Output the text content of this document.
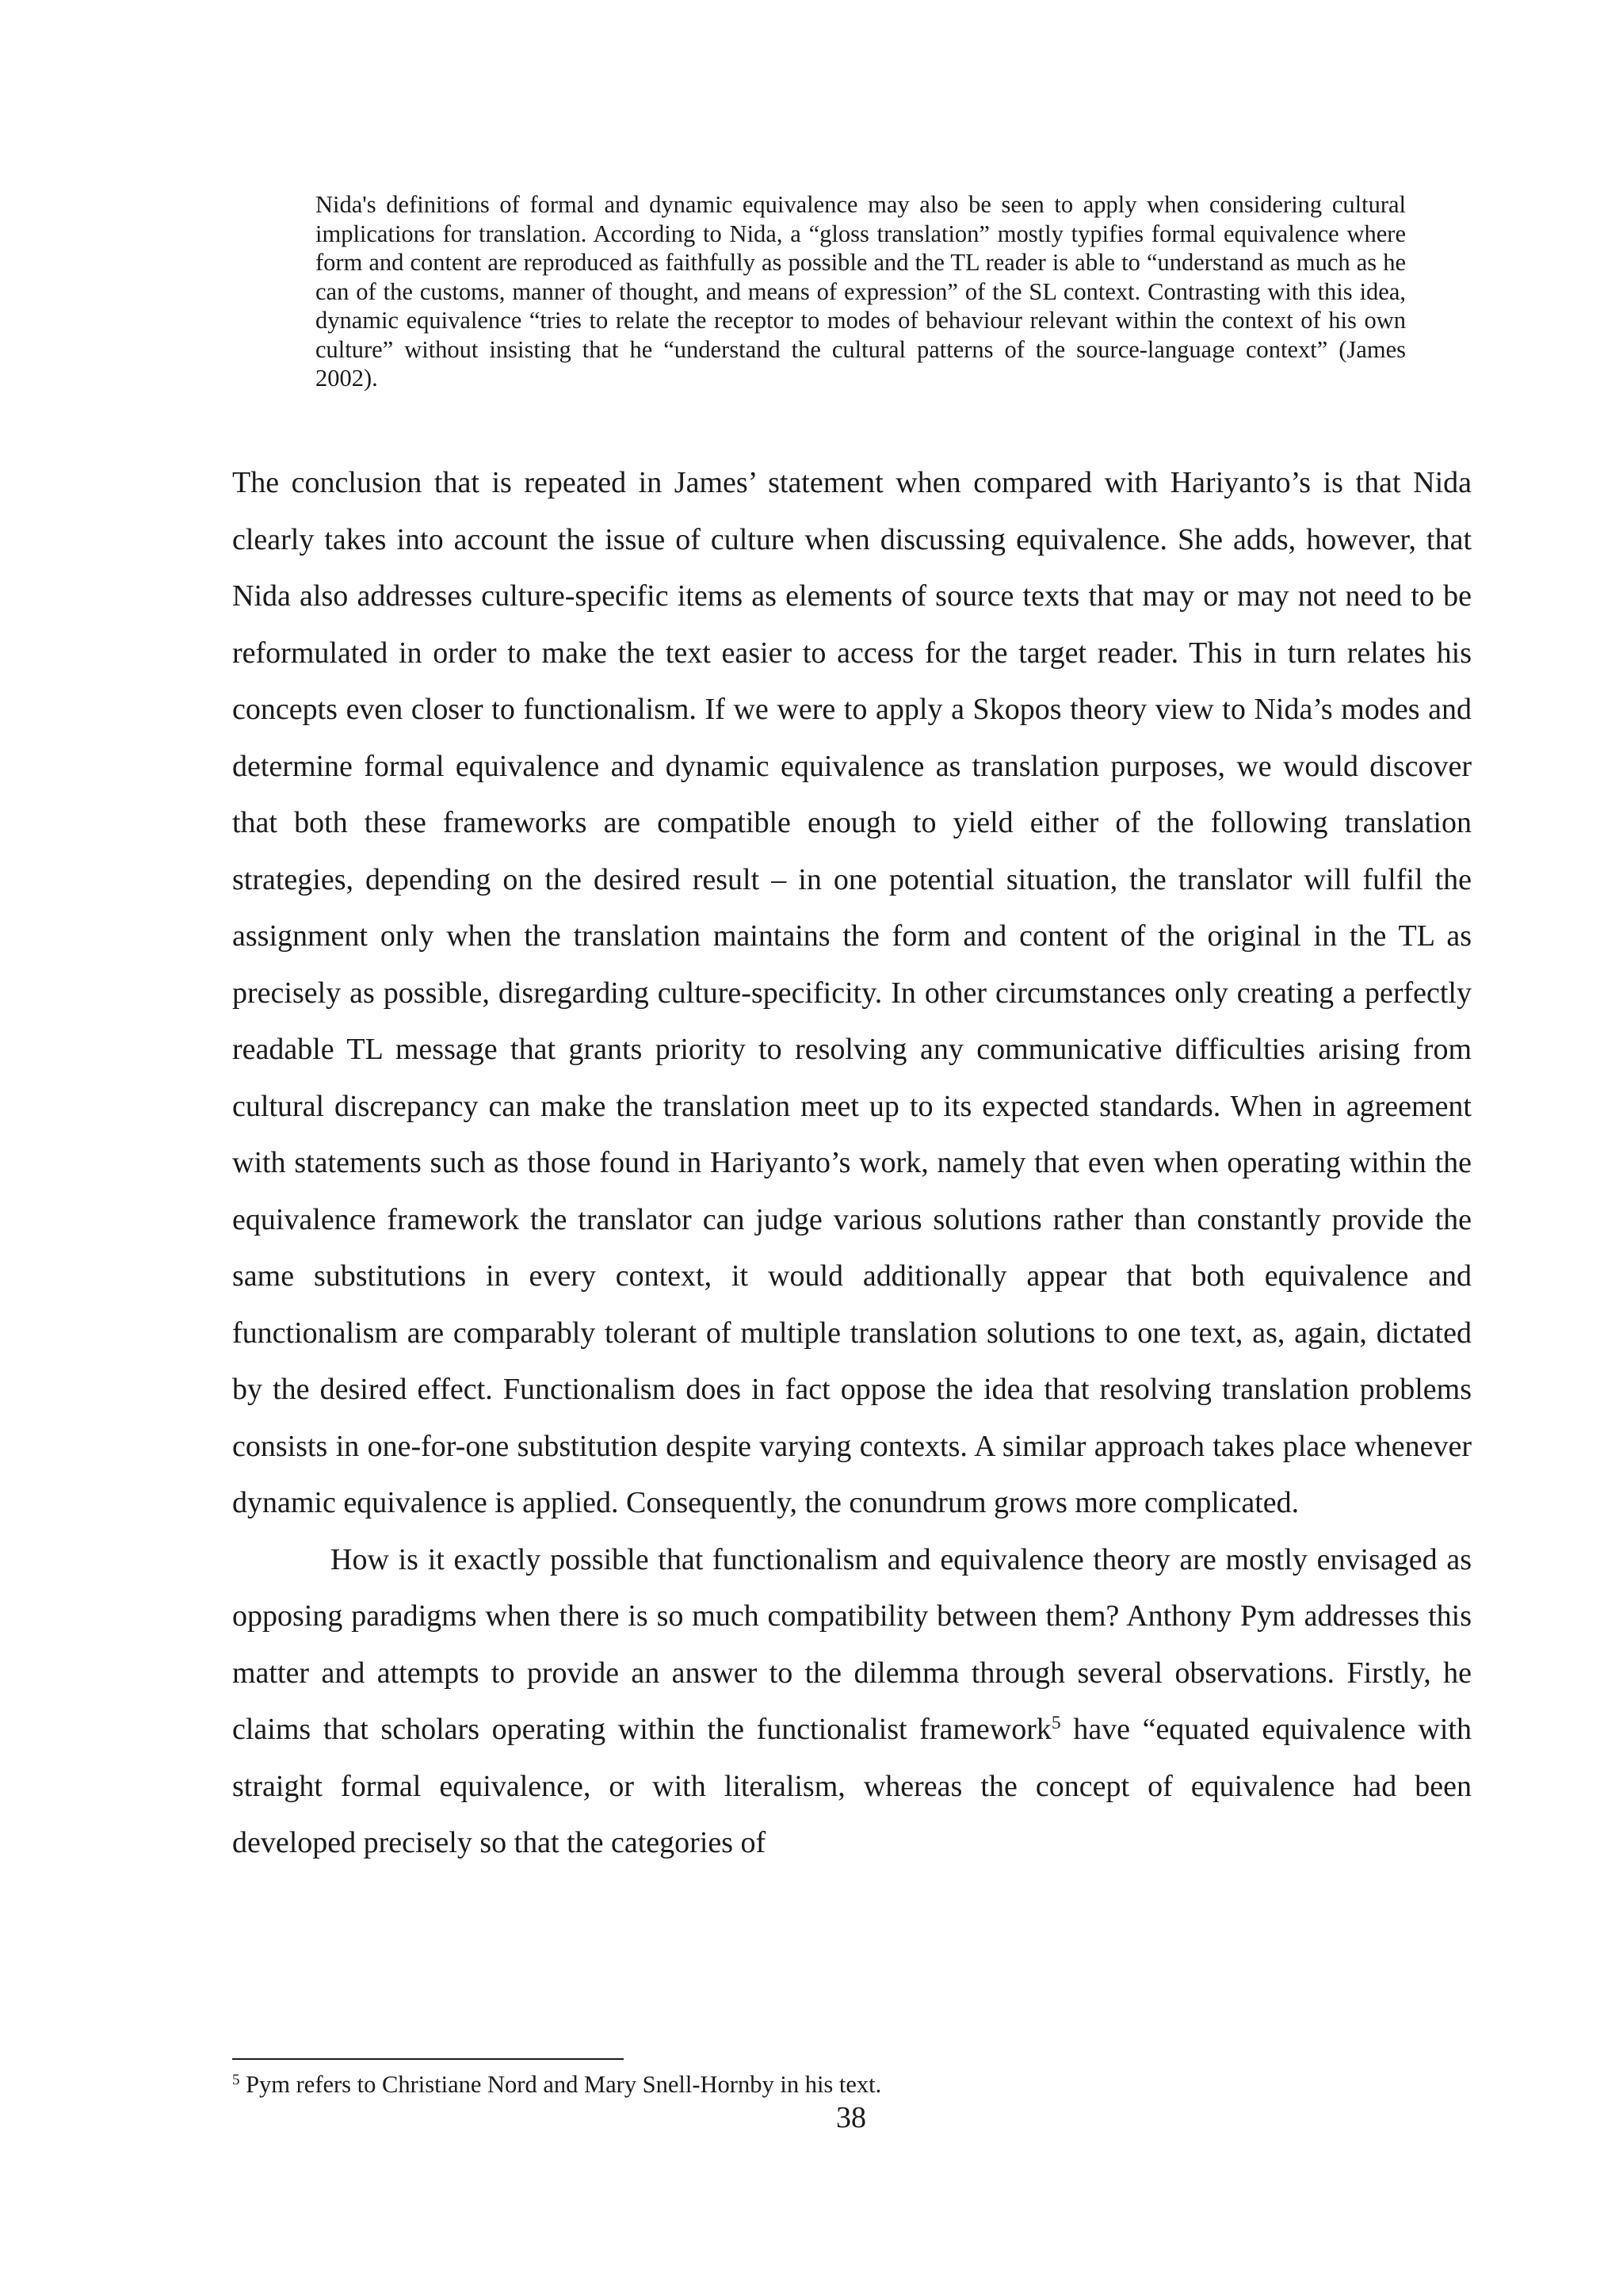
Nida's definitions of formal and dynamic equivalence may also be seen to apply when considering cultural implications for translation. According to Nida, a “gloss translation” mostly typifies formal equivalence where form and content are reproduced as faithfully as possible and the TL reader is able to “understand as much as he can of the customs, manner of thought, and means of expression” of the SL context. Contrasting with this idea, dynamic equivalence “tries to relate the receptor to modes of behaviour relevant within the context of his own culture” without insisting that he “understand the cultural patterns of the source-language context” (James 2002).

The conclusion that is repeated in James’ statement when compared with Hariyanto’s is that Nida clearly takes into account the issue of culture when discussing equivalence. She adds, however, that Nida also addresses culture-specific items as elements of source texts that may or may not need to be reformulated in order to make the text easier to access for the target reader. This in turn relates his concepts even closer to functionalism. If we were to apply a Skopos theory view to Nida’s modes and determine formal equivalence and dynamic equivalence as translation purposes, we would discover that both these frameworks are compatible enough to yield either of the following translation strategies, depending on the desired result – in one potential situation, the translator will fulfil the assignment only when the translation maintains the form and content of the original in the TL as precisely as possible, disregarding culture-specificity. In other circumstances only creating a perfectly readable TL message that grants priority to resolving any communicative difficulties arising from cultural discrepancy can make the translation meet up to its expected standards. When in agreement with statements such as those found in Hariyanto’s work, namely that even when operating within the equivalence framework the translator can judge various solutions rather than constantly provide the same substitutions in every context, it would additionally appear that both equivalence and functionalism are comparably tolerant of multiple translation solutions to one text, as, again, dictated by the desired effect. Functionalism does in fact oppose the idea that resolving translation problems consists in one-for-one substitution despite varying contexts. A similar approach takes place whenever dynamic equivalence is applied. Consequently, the conundrum grows more complicated.

How is it exactly possible that functionalism and equivalence theory are mostly envisaged as opposing paradigms when there is so much compatibility between them? Anthony Pym addresses this matter and attempts to provide an answer to the dilemma through several observations. Firstly, he claims that scholars operating within the functionalist framework$^5$ have “equated equivalence with straight formal equivalence, or with literalism, whereas the concept of equivalence had been developed precisely so that the categories of

$^5$ Pym refers to Christiane Nord and Mary Snell-Hornby in his text.
38
